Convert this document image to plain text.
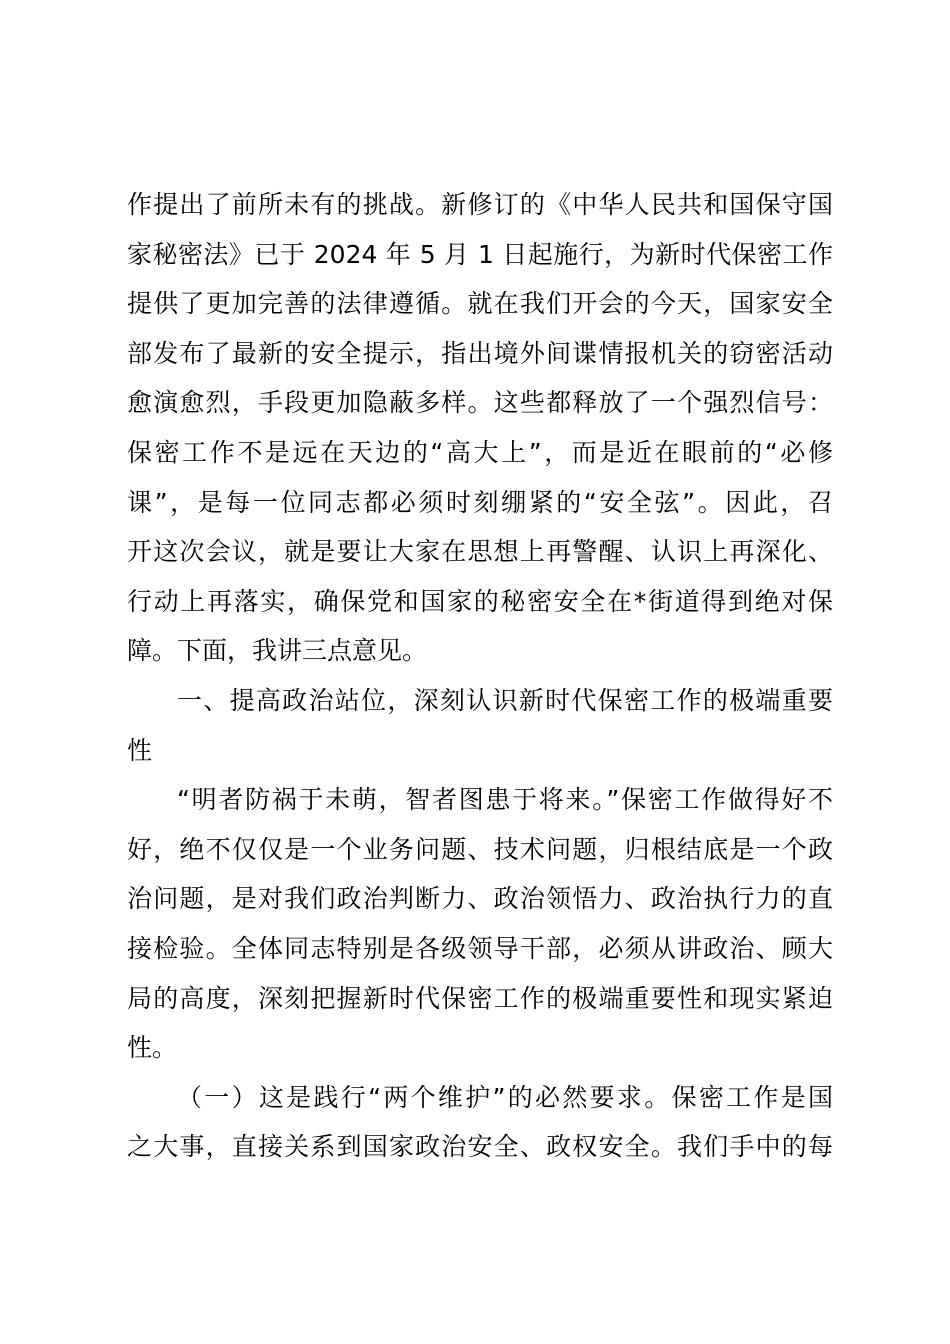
作提出了前所未有的挑战。新修订的《中华人民共和国保守国
家秘密法》已于 2024 年 5 月 1 日起施行，为新时代保密工作
提供了更加完善的法律遵循。就在我们开会的今天，国家安全
部发布了最新的安全提示，指出境外间谍情报机关的窃密活动
愈演愈烈，手段更加隐蔽多样。这些都释放了一个强烈信号：
保密工作不是远在天边的“高大上”，而是近在眼前的“必修
课”，是每一位同志都必须时刻绷紧的“安全弦”。因此，召
开这次会议，就是要让大家在思想上再警醒、认识上再深化、
行动上再落实，确保党和国家的秘密安全在*街道得到绝对保
障。下面，我讲三点意见。
一、提高政治站位，深刻认识新时代保密工作的极端重要
性
“明者防祸于未萌，智者图患于将来。”保密工作做得好不
好，绝不仅仅是一个业务问题、技术问题，归根结底是一个政
治问题，是对我们政治判断力、政治领悟力、政治执行力的直
接检验。全体同志特别是各级领导干部，必须从讲政治、顾大
局的高度，深刻把握新时代保密工作的极端重要性和现实紧迫
性。
（一）这是践行“两个维护”的必然要求。保密工作是国
之大事，直接关系到国家政治安全、政权安全。我们手中的每
